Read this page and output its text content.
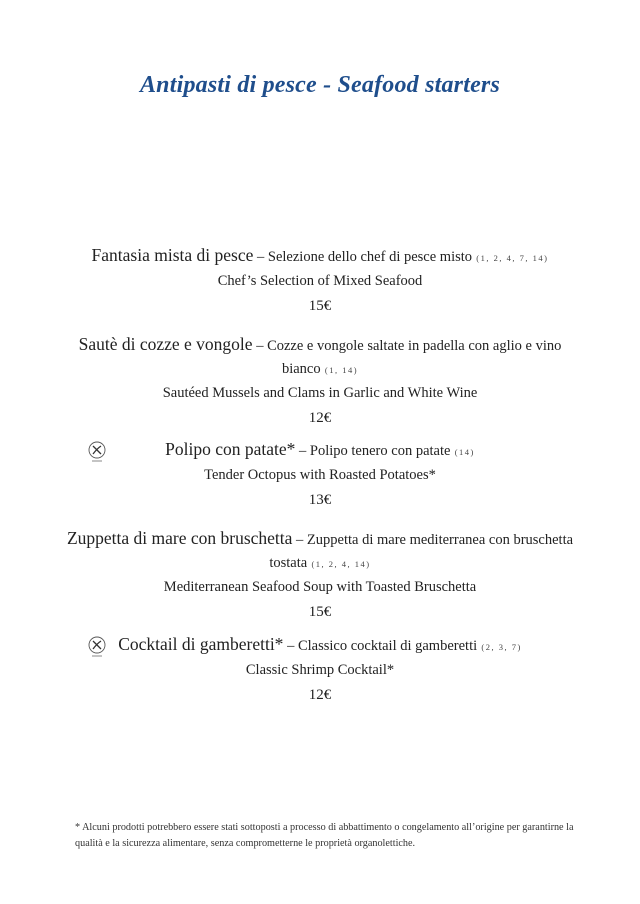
Antipasti di pesce - Seafood starters
Fantasia mista di pesce – Selezione dello chef di pesce misto (1, 2, 4, 7, 14)
Chef’s Selection of Mixed Seafood
15€
Sautè di cozze e vongole – Cozze e vongole saltate in padella con aglio e vino bianco (1, 14)
Sautéed Mussels and Clams in Garlic and White Wine
12€
Polipo con patate* – Polipo tenero con patate (14)
Tender Octopus with Roasted Potatoes*
13€
Zuppetta di mare con bruschetta – Zuppetta di mare mediterranea con bruschetta tostata (1, 2, 4, 14)
Mediterranean Seafood Soup with Toasted Bruschetta
15€
Cocktail di gamberetti* – Classico cocktail di gamberetti (2, 3, 7)
Classic Shrimp Cocktail*
12€
* Alcuni prodotti potrebbero essere stati sottoposti a processo di abbattimento o congelamento all’origine per garantirne la qualità e la sicurezza alimentare, senza comprometterne le proprietà organolettiche.
